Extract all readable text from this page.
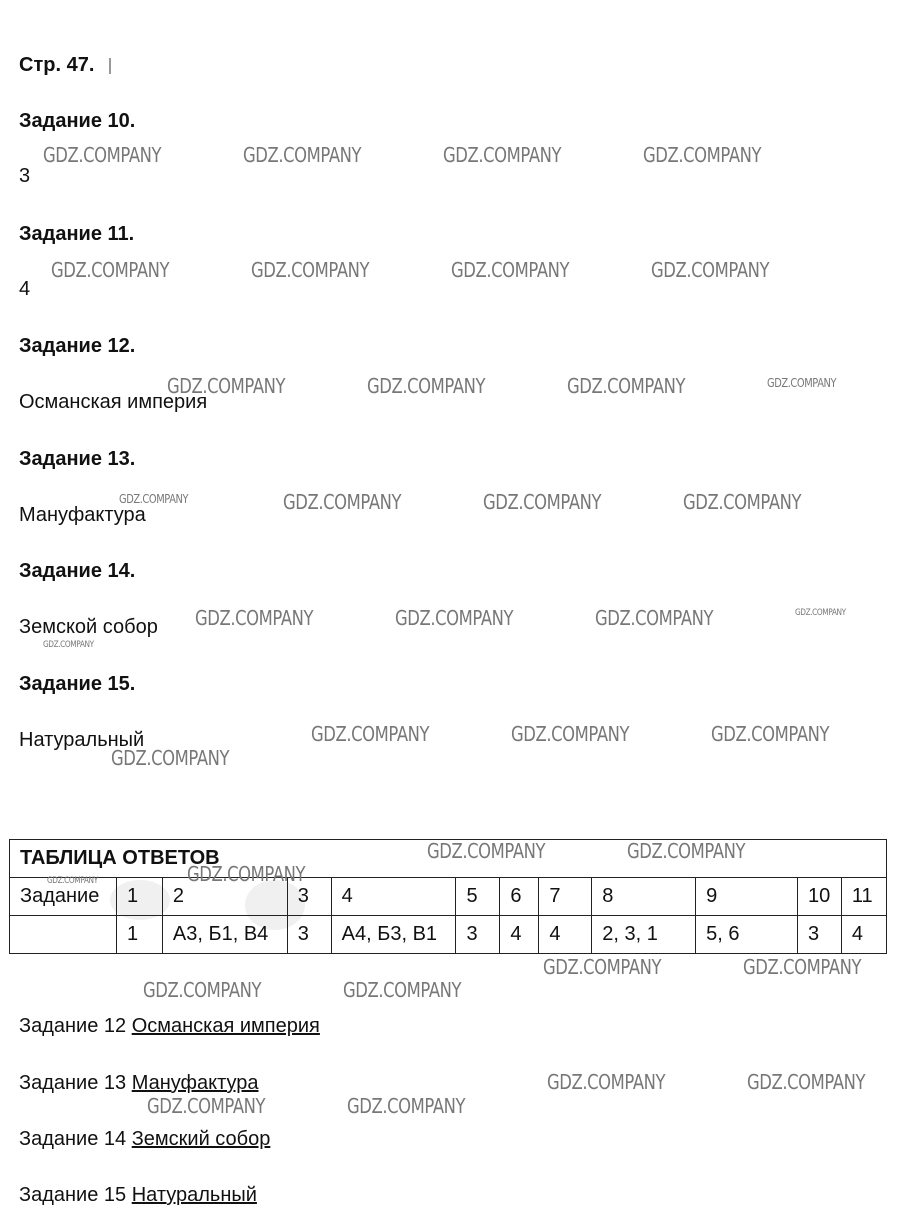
Стр. 47.
Задание 10.
3
Задание 11.
4
Задание 12.
Османская империя
Задание 13.
Мануфактура
Задание 14.
Земской собор
Задание 15.
Натуральный
ТАБЛИЦА ОТВЕТОВ											
Задание	1	2	3	4	5	6	7	8	9	10	11
	1	А3, Б1, В4	3	А4, Б3, В1	3	4	4	2, 3, 1	5, 6	3	4
Задание 12 Османская империя
Задание 13 Мануфактура
Задание 14 Земский собор
Задание 15 Натуральный
GDZ.COMPANY	GDZ.COMPANY	GDZ.COMPANY	GDZ.COMPANY
GDZ.COMPANY	GDZ.COMPANY	GDZ.COMPANY	GDZ.COMPANY
GDZ.COMPANY	GDZ.COMPANY	GDZ.COMPANY	GDZ.COMPANY
GDZ.COMPANY	GDZ.COMPANY	GDZ.COMPANY	GDZ.COMPANY
GDZ.COMPANY	GDZ.COMPANY	GDZ.COMPANY	GDZ.COMPANY
GDZ.COMPANY
GDZ.COMPANY	GDZ.COMPANY	GDZ.COMPANY
GDZ.COMPANY
GDZ.COMPANY	GDZ.COMPANY
GDZ.COMPANY
GDZ.COMPANY
GDZ.COMPANY	GDZ.COMPANY
GDZ.COMPANY	GDZ.COMPANY
GDZ.COMPANY	GDZ.COMPANY
GDZ.COMPANY	GDZ.COMPANY
